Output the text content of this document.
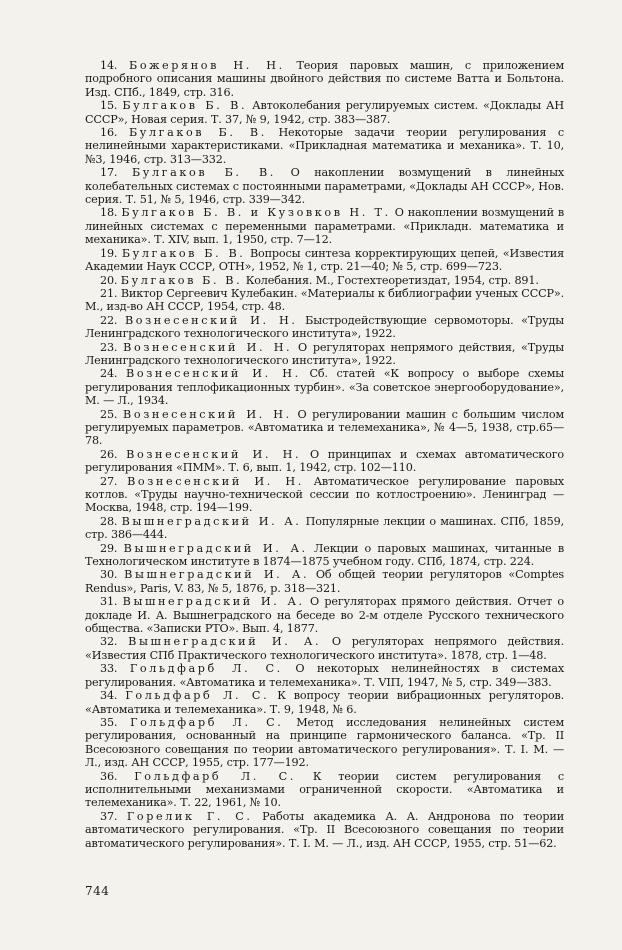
14. Божерянов Н. Н. Теория паровых машин, с приложением подробного описания машины двойного действия по системе Ватта и Больтона. Изд. СПб., 1849, стр. 316.

15. Булгаков Б. В. Автоколебания регулируемых систем. «Доклады АН СССР», Новая серия. Т. 37, № 9, 1942, стр. 383—387.

16. Булгаков Б. В. Некоторые задачи теории регулирования с нелинейными характеристиками. «Прикладная математика и механика». Т. 10, №3, 1946, стр. 313—332.

17. Булгаков Б. В. О накоплении возмущений в линейных колебательных системах с постоянными параметрами, «Доклады АН СССР», Нов. серия. Т. 51, № 5, 1946, стр. 339—342.

18. Булгаков Б. В. и Кузовков Н. Т. О накоплении возмущений в линейных системах с переменными параметрами. «Прикладн. математика и механика». Т. XIV, вып. 1, 1950, стр. 7—12.

19. Булгаков Б. В. Вопросы синтеза корректирующих цепей, «Известия Академии Наук СССР, ОТН», 1952, № 1, стр. 21—40; № 5, стр. 699—723.

20. Булгаков Б. В. Колебания. М., Гостехтеоретиздат, 1954, стр. 891.

21. Виктор Сергеевич Кулебакин. «Материалы к библиографии ученых СССР». М., изд-во АН СССР, 1954, стр. 48.

22. Вознесенский И. Н. Быстродействующие сервомоторы. «Труды Ленинградского технологического института», 1922.

23. Вознесенский И. Н. О регуляторах непрямого действия, «Труды Ленинградского технологического института», 1922.

24. Вознесенский И. Н. Сб. статей «К вопросу о выборе схемы регулирования теплофикационных турбин». «За советское энергооборудование», М. — Л., 1934.

25. Вознесенский И. Н. О регулировании машин с большим числом регулируемых параметров. «Автоматика и телемеханика», № 4—5, 1938, стр.65—78.

26. Вознесенский И. Н. О принципах и схемах автоматического регулирования «ПММ». Т. 6, вып. 1, 1942, стр. 102—110.

27. Вознесенский И. Н. Автоматическое регулирование паровых котлов. «Труды научно-технической сессии по котлостроению». Ленинград — Москва, 1948, стр. 194—199.

28. Вышнеградский И. А. Популярные лекции о машинах. СПб, 1859, стр. 386—444.

29. Вышнеградский И. А. Лекции о паровых машинах, читанные в Технологическом институте в 1874—1875 учебном году. СПб, 1874, стр. 224.

30. Вышнеградский И. А. Об общей теории регуляторов «Comptes Rendus», Paris, V. 83, № 5, 1876, p. 318—321.

31. Вышнеградский И. А. О регуляторах прямого действия. Отчет о докладе И. А. Вышнеградского на беседе во 2-м отделе Русского технического общества. «Записки РТО». Вып. 4, 1877.

32. Вышнеградский И. А. О регуляторах непрямого действия. «Известия СПб Практического технологического института». 1878, стр. 1—48.

33. Гольдфарб Л. С. О некоторых нелинейностях в системах регулирования. «Автоматика и телемеханика». Т. VIП, 1947, № 5, стр. 349—383.

34. Гольдфарб Л. С. К вопросу теории вибрационных регуляторов. «Автоматика и телемеханика». Т. 9, 1948, № 6.

35. Гольдфарб Л. С. Метод исследования нелинейных систем регулирования, основанный на принципе гармонического баланса. «Тр. II Всесоюзного совещания по теории автоматического регулирования». Т. I. М. — Л., изд. АН СССР, 1955, стр. 177—192.

36. Гольдфарб Л. С. К теории систем регулирования с исполнительными механизмами ограниченной скорости. «Автоматика и телемеханика». Т. 22, 1961, № 10.

37. Горелик Г. С. Работы академика А. А. Андронова по теории автоматического регулирования. «Тр. II Всесоюзного совещания по теории автоматического регулирования». Т. I. М. — Л., изд. АН СССР, 1955, стр. 51—62.

744
